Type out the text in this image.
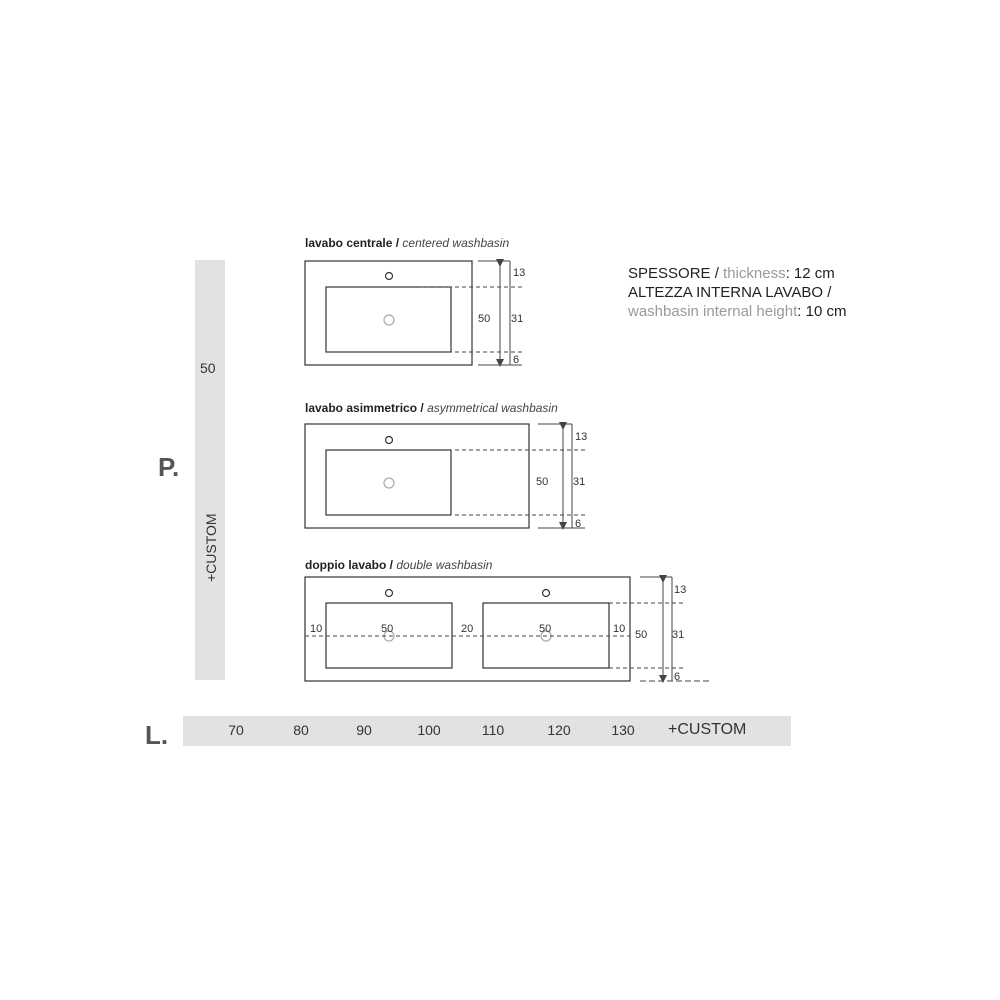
P.
50
+CUSTOM
L.	70	80	90	100	110	120	130	+CUSTOM
SPESSORE / thickness: 12 cm
ALTEZZA INTERNA LAVABO /
washbasin internal height: 10 cm
lavabo centrale / centered washbasin
lavabo asimmetrico / asymmetrical washbasin
doppio lavabo / double washbasin
50 31
13
6
50 31
13
6
10	50	20	50	10 50 31
13
6
